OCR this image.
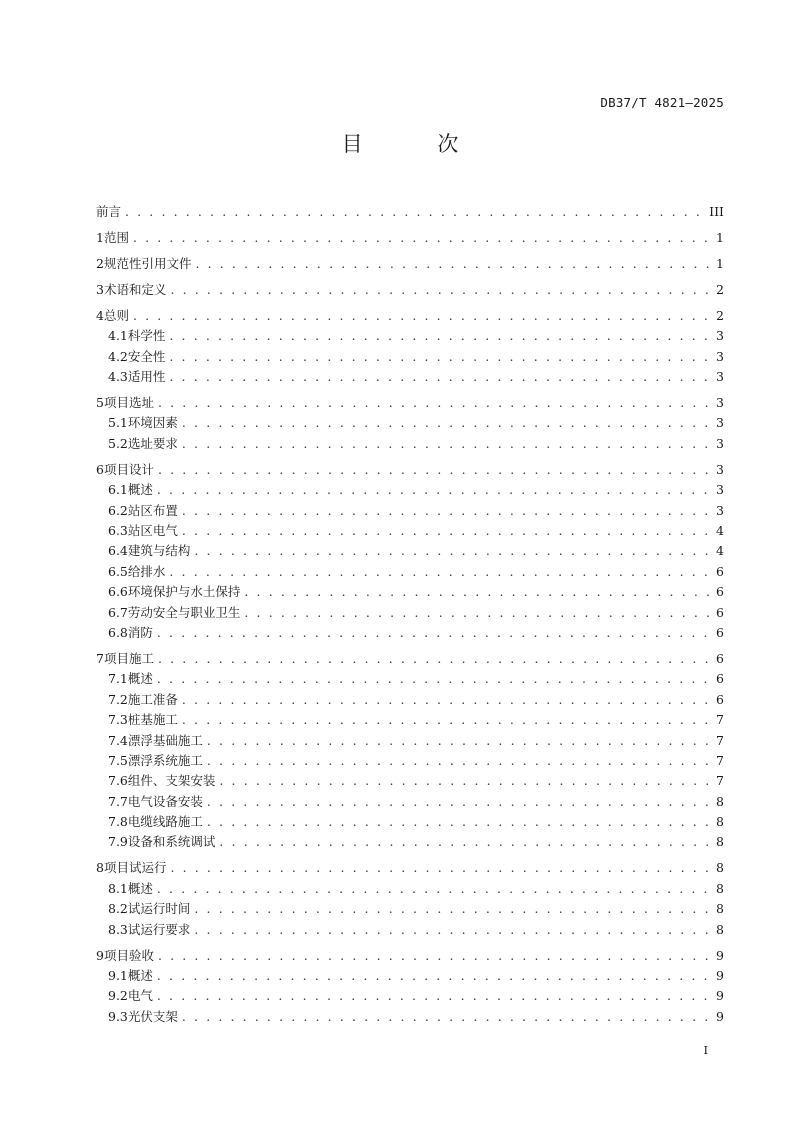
DB37/T 4821—2025
目 次
前言 . . .	III
1 范围 . . .	1
2 规范性引用文件 . . .	1
3 术语和定义 . . .	2
4 总则 . . .	2
4.1 科学性 . . .	3
4.2 安全性 . . .	3
4.3 适用性 . . .	3
5 项目选址 . . .	3
5.1 环境因素 . . .	3
5.2 选址要求 . . .	3
6 项目设计 . . .	3
6.1 概述 . . .	3
6.2 站区布置 . . .	3
6.3 站区电气 . . .	4
6.4 建筑与结构 . . .	4
6.5 给排水 . . .	6
6.6 环境保护与水土保持 . . .	6
6.7 劳动安全与职业卫生 . . .	6
6.8 消防 . . .	6
7 项目施工 . . .	6
7.1 概述 . . .	6
7.2 施工准备 . . .	6
7.3 桩基施工 . . .	7
7.4 漂浮基础施工 . . .	7
7.5 漂浮系统施工 . . .	7
7.6 组件、支架安装 . . .	7
7.7 电气设备安装 . . .	8
7.8 电缆线路施工 . . .	8
7.9 设备和系统调试 . . .	8
8 项目试运行 . . .	8
8.1 概述 . . .	8
8.2 试运行时间 . . .	8
8.3 试运行要求 . . .	8
9 项目验收 . . .	9
9.1 概述 . . .	9
9.2 电气 . . .	9
9.3 光伏支架 . . .	9
I
